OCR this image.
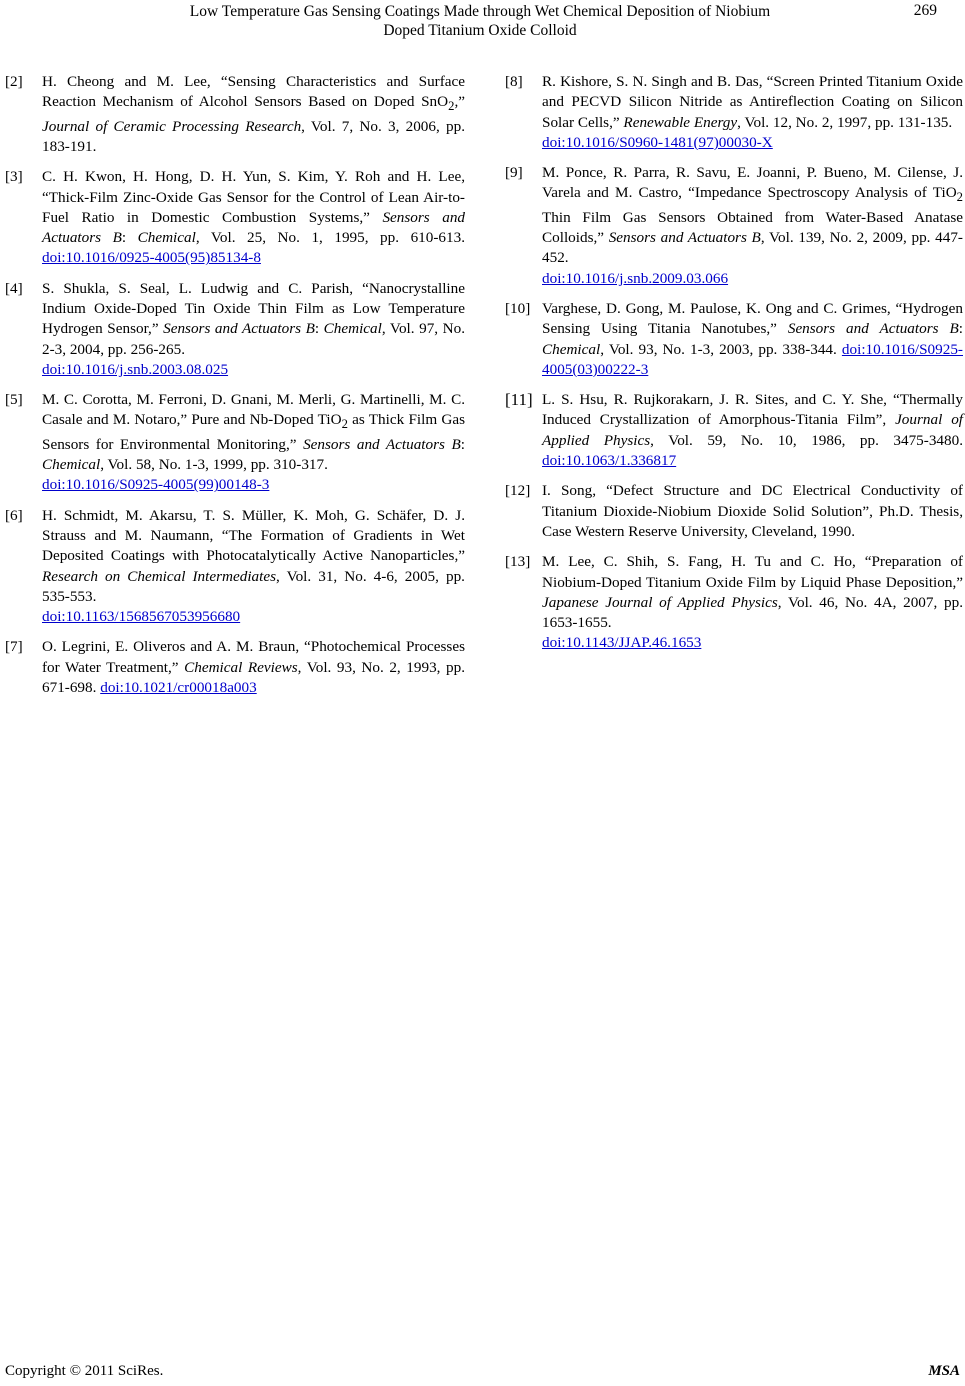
Low Temperature Gas Sensing Coatings Made through Wet Chemical Deposition of Niobium
Doped Titanium Oxide Colloid
269
[2] H. Cheong and M. Lee, “Sensing Characteristics and Surface Reaction Mechanism of Alcohol Sensors Based on Doped SnO$_2$,” Journal of Ceramic Processing Research, Vol. 7, No. 3, 2006, pp. 183-191.
[3] C. H. Kwon, H. Hong, D. H. Yun, S. Kim, Y. Roh and H. Lee, “Thick-Film Zinc-Oxide Gas Sensor for the Control of Lean Air-to-Fuel Ratio in Domestic Combustion Systems,” Sensors and Actuators B: Chemical, Vol. 25, No. 1, 1995, pp. 610-613. doi:10.1016/0925-4005(95)85134-8
[4] S. Shukla, S. Seal, L. Ludwig and C. Parish, “Nanocrystalline Indium Oxide-Doped Tin Oxide Thin Film as Low Temperature Hydrogen Sensor,” Sensors and Actuators B: Chemical, Vol. 97, No. 2-3, 2004, pp. 256-265.
doi:10.1016/j.snb.2003.08.025
[5] M. C. Corotta, M. Ferroni, D. Gnani, M. Merli, G. Martinelli, M. C. Casale and M. Notaro,” Pure and Nb-Doped TiO$_2$ as Thick Film Gas Sensors for Environmental Monitoring,” Sensors and Actuators B: Chemical, Vol. 58, No. 1-3, 1999, pp. 310-317.
doi:10.1016/S0925-4005(99)00148-3
[6] H. Schmidt, M. Akarsu, T. S. Müller, K. Moh, G. Schäfer, D. J. Strauss and M. Naumann, “The Formation of Gradients in Wet Deposited Coatings with Photocatalytically Active Nanoparticles,” Research on Chemical Intermediates, Vol. 31, No. 4-6, 2005, pp. 535-553.
doi:10.1163/1568567053956680
[7] O. Legrini, E. Oliveros and A. M. Braun, “Photochemical Processes for Water Treatment,” Chemical Reviews, Vol. 93, No. 2, 1993, pp. 671-698. doi:10.1021/cr00018a003
[8] R. Kishore, S. N. Singh and B. Das, “Screen Printed Titanium Oxide and PECVD Silicon Nitride as Antireflection Coating on Silicon Solar Cells,” Renewable Energy, Vol. 12, No. 2, 1997, pp. 131-135.
doi:10.1016/S0960-1481(97)00030-X
[9] M. Ponce, R. Parra, R. Savu, E. Joanni, P. Bueno, M. Cilense, J. Varela and M. Castro, “Impedance Spectroscopy Analysis of TiO$_2$ Thin Film Gas Sensors Obtained from Water-Based Anatase Colloids,” Sensors and Actuators B, Vol. 139, No. 2, 2009, pp. 447-452.
doi:10.1016/j.snb.2009.03.066
[10] Varghese, D. Gong, M. Paulose, K. Ong and C. Grimes, “Hydrogen Sensing Using Titania Nanotubes,” Sensors and Actuators B: Chemical, Vol. 93, No. 1-3, 2003, pp. 338-344. doi:10.1016/S0925-4005(03)00222-3
[11] L. S. Hsu, R. Rujkorakarn, J. R. Sites, and C. Y. She, “Thermally Induced Crystallization of Amorphous-Titania Film”, Journal of Applied Physics, Vol. 59, No. 10, 1986, pp. 3475-3480. doi:10.1063/1.336817
[12] I. Song, “Defect Structure and DC Electrical Conductivity of Titanium Dioxide-Niobium Dioxide Solid Solution”, Ph.D. Thesis, Case Western Reserve University, Cleveland, 1990.
[13] M. Lee, C. Shih, S. Fang, H. Tu and C. Ho, “Preparation of Niobium-Doped Titanium Oxide Film by Liquid Phase Deposition,” Japanese Journal of Applied Physics, Vol. 46, No. 4A, 2007, pp. 1653-1655.
doi:10.1143/JJAP.46.1653
Copyright © 2011 SciRes.	MSA
